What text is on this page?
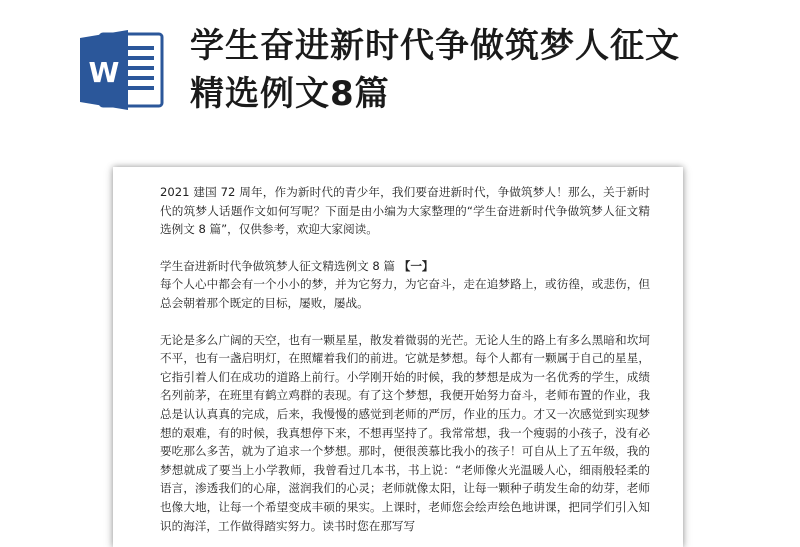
W
学生奋进新时代争做筑梦人征文
精选例文8篇

2021 建国 72 周年，作为新时代的青少年，我们要奋进新时代，争做筑梦人！那么，关于新时代的筑梦人话题作文如何写呢？下面是由小编为大家整理的“学生奋进新时代争做筑梦人征文精选例文 8 篇”，仅供参考，欢迎大家阅读。

学生奋进新时代争做筑梦人征文精选例文 8 篇 【一】

每个人心中都会有一个小小的梦，并为它努力，为它奋斗，走在追梦路上，或彷徨，或悲伤，但总会朝着那个既定的目标，屡败，屡战。

无论是多么广阔的天空，也有一颗星星，散发着微弱的光芒。无论人生的路上有多么黑暗和坎坷不平，也有一盏启明灯，在照耀着我们的前进。它就是梦想。每个人都有一颗属于自己的星星，它指引着人们在成功的道路上前行。小学刚开始的时候，我的梦想是成为一名优秀的学生，成绩名列前茅，在班里有鹤立鸡群的表现。有了这个梦想，我便开始努力奋斗，老师布置的作业，我总是认认真真的完成，后来，我慢慢的感觉到老师的严厉，作业的压力。才又一次感觉到实现梦想的艰难，有的时候，我真想停下来，不想再坚持了。我常常想，我一个瘦弱的小孩子，没有必要吃那么多苦，就为了追求一个梦想。那时，便很羡慕比我小的孩子！可自从上了五年级，我的梦想就成了要当上小学教师，我曾看过几本书，书上说：“老师像火光温暖人心，细雨般轻柔的语言，渗透我们的心扉，滋润我们的心灵；老师就像太阳，让每一颗种子萌发生命的幼芽，老师也像大地，让每一个希望变成丰硕的果实。上课时，老师您会绘声绘色地讲课，把同学们引入知识的海洋，工作做得踏实努力。读书时您在那写写
